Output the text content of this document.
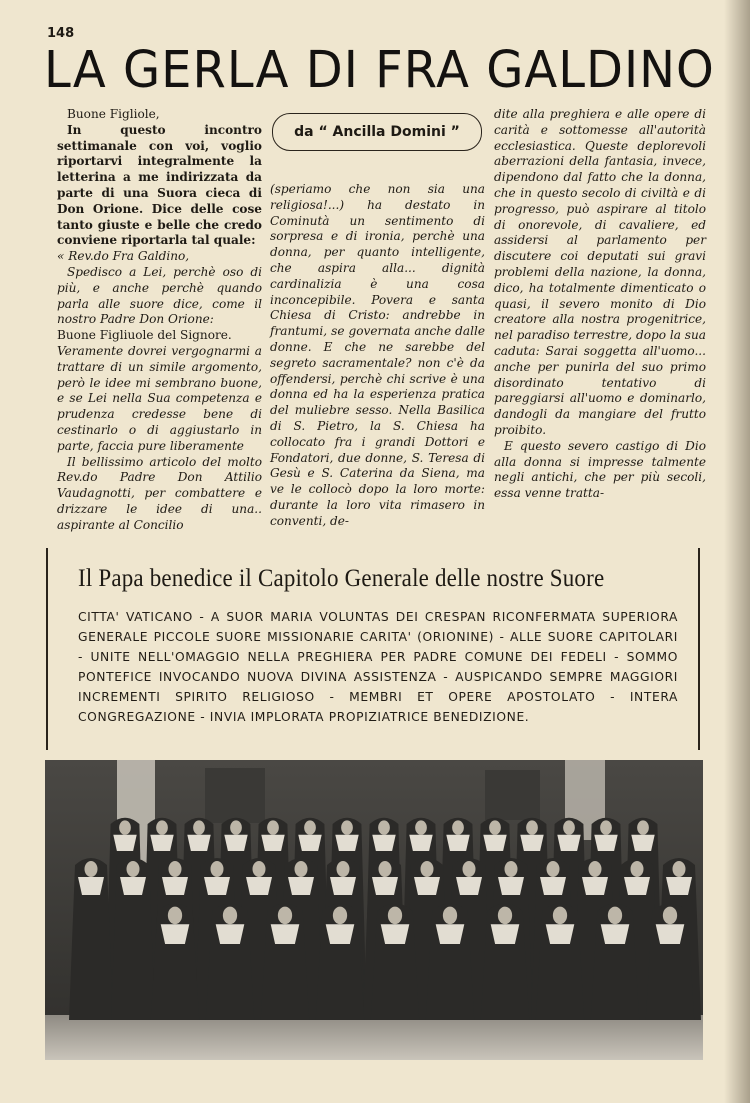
148
LA GERLA DI FRA GALDINO
da “ Ancilla Domini ”

Buone Figliole,

In questo incontro settimanale con voi, voglio riportarvi integralmente la letterina a me indirizzata da parte di una Suora cieca di Don Orione. Dice delle cose tanto giuste e belle che credo conviene riportarla tal quale:

« Rev.do Fra Galdino,

Spedisco a Lei, perchè oso di più, e anche perchè quando parla alle suore dice, come il nostro Padre Don Orione:

Buone Figliuole del Signore.

Veramente dovrei vergognarmi a trattare di un simile argomento, però le idee mi sembrano buone, e se Lei nella Sua competenza e prudenza credesse bene di cestinarlo o di aggiustarlo in parte, faccia pure liberamente

Il bellissimo articolo del molto Rev.do Padre Don Attilio Vaudagnotti, per combattere e drizzare le idee di una.. aspirante al Concilio

(speriamo che non sia una religiosa!...) ha destato in Cominutà un sentimento di sorpresa e di ironia, perchè una donna, per quanto intelligente, che aspira alla... dignità cardinalizia è una cosa inconcepibile. Povera e santa Chiesa di Cristo: andrebbe in frantumi, se governata anche dalle donne. E che ne sarebbe del segreto sacramentale? non c'è da offendersi, perchè chi scrive è una donna ed ha la esperienza pratica del muliebre sesso. Nella Basilica di S. Pietro, la S. Chiesa ha collocato fra i grandi Dottori e Fondatori, due donne, S. Teresa di Gesù e S. Caterina da Siena, ma ve le collocò dopo la loro morte: durante la loro vita rimasero in conventi, de-

dite alla preghiera e alle opere di carità e sottomesse all'autorità ecclesiastica. Queste deplorevoli aberrazioni della fantasia, invece, dipendono dal fatto che la donna, che in questo secolo di civiltà e di progresso, può aspirare al titolo di onorevole, di cavaliere, ed assidersi al parlamento per discutere coi deputati sui gravi problemi della nazione, la donna, dico, ha totalmente dimenticato o quasi, il severo monito di Dio creatore alla nostra progenitrice, nel paradiso terrestre, dopo la sua caduta: Sarai soggetta all'uomo... anche per punirla del suo primo disordinato tentativo di pareggiarsi all'uomo e dominarlo, dandogli da mangiare del frutto proibito.

E questo severo castigo di Dio alla donna si impresse talmente negli antichi, che per più secoli, essa venne tratta-

Il Papa benedice il Capitolo Generale delle nostre Suore
CITTA' VATICANO - A SUOR MARIA VOLUNTAS DEI CRESPAN RICONFERMATA SUPERIORA GENERALE PICCOLE SUORE MISSIONARIE CARITA' (ORIONINE) - ALLE SUORE CAPITOLARI - UNITE NELL'OMAGGIO NELLA PREGHIERA PER PADRE COMUNE DEI FEDELI - SOMMO PONTEFICE INVOCANDO NUOVA DIVINA ASSISTENZA - AUSPICANDO SEMPRE MAGGIORI INCREMENTI SPIRITO RELIGIOSO - MEMBRI ET OPERE APOSTOLATO - INTERA CONGREGAZIONE - INVIA IMPLORATA PROPIZIATRICE BENEDIZIONE.
